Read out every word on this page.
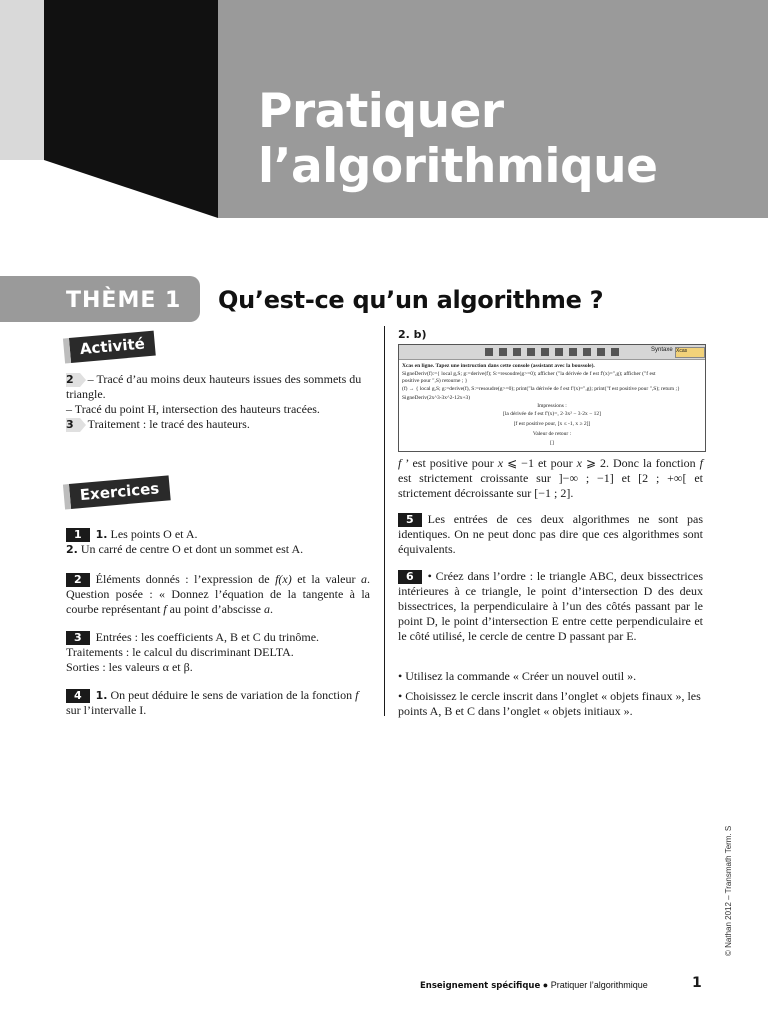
Pratiquer
l’algorithmique
THÈME 1 Qu’est-ce qu’un algorithme ?
Activité
2 – Tracé d’au moins deux hauteurs issues des sommets du triangle.
– Tracé du point H, intersection des hauteurs tracées.
3 Traitement : le tracé des hauteurs.
Exercices
1 1. Les points O et A.
2. Un carré de centre O et dont un sommet est A.
2 Éléments donnés : l’expression de f(x) et la valeur a. Question posée : « Donnez l’équation de la tangente à la courbe représentant f au point d’abscisse a.
3 Entrées : les coefficients A, B et C du trinôme.
Traitements : le calcul du discriminant DELTA.
Sorties : les valeurs α et β.
4 1. On peut déduire le sens de variation de la fonction f sur l’intervalle I.
2. b)
Syntaxe Xcas
Xcas en ligne. Tapez une instruction dans cette console (assistant avec la boussole).
SigneDeriv(f):={ local g,S; g:=derive(f); S:=resoudre(g>=0); afficher ("la dérivée de f est f'(x)=",g); afficher ("f est
positive pour ",S) retourne ; }
(f) → { local g,S; g:=derive(f), S:=resoudre(g>=0); print("la dérivée de f est f'(x)=",g); print("f est positive pour ",S); return ;}
SigneDeriv(2x^3-3x^2-12x+3)
Impressions :
[la dérivée de f est f'(x)=, 2·3x² − 3·2x − 12]
[f est positive pour, [x ≤ -1, x ≥ 2]]
Valeur de retour :
[]
f ’ est positive pour x ⩽ −1 et pour x ⩾ 2. Donc la fonction f est strictement croissante sur ]−∞ ; −1] et [2 ; +∞[ et strictement décroissante sur [−1 ; 2].
5 Les entrées de ces deux algorithmes ne sont pas identiques. On ne peut donc pas dire que ces algorithmes sont équivalents.
6 • Créez dans l’ordre : le triangle ABC, deux bissectrices intérieures à ce triangle, le point d’intersection D des deux bissectrices, la perpendiculaire à l’un des côtés passant par le point D, le point d’intersection E entre cette perpendiculaire et le côté utilisé, le cercle de centre D passant par E.
• Utilisez la commande « Créer un nouvel outil ».
• Choisissez le cercle inscrit dans l’onglet « objets finaux », les points A, B et C dans l’onglet « objets initiaux ».
© Nathan 2012 – Transmath Term. S
Enseignement spécifique ● Pratiquer l’algorithmique	1
